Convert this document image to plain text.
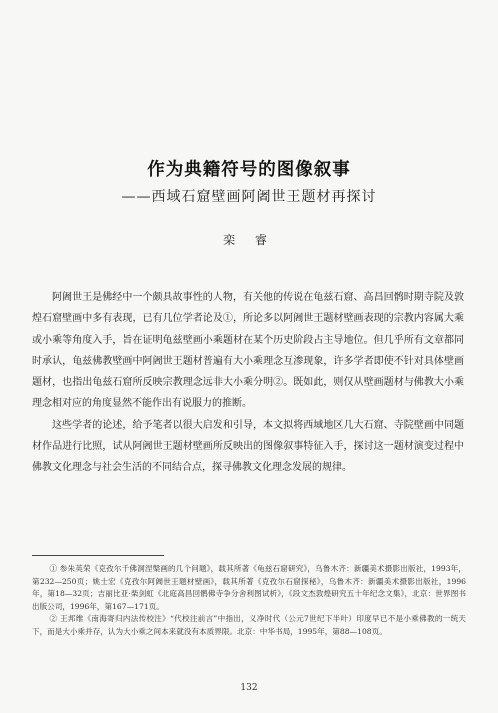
作为典籍符号的图像叙事
——西域石窟壁画阿阇世王题材再探讨
栾 睿

阿阇世王是佛经中一个颇具故事性的人物，有关他的传说在龟兹石窟、高昌回鹘时期寺院及敦煌石窟壁画中多有表现，已有几位学者论及①，所论多以阿阇世王题材壁画表现的宗教内容属大乘或小乘等角度入手，旨在证明龟兹壁画小乘题材在某个历史阶段占主导地位。但几乎所有文章都同时承认，龟兹佛教壁画中阿阇世王题材普遍有大小乘理念互渗现象，许多学者即使不针对具体壁画题材，也指出龟兹石窟所反映宗教理念远非大小乘分明②。既如此，则仅从壁画题材与佛教大小乘理念相对应的角度显然不能作出有说服力的推断。

这些学者的论述，给予笔者以很大启发和引导，本文拟将西域地区几大石窟、寺院壁画中同题材作品进行比照，试从阿阇世王题材壁画所反映出的图像叙事特征入手，探讨这一题材演变过程中佛教文化理念与社会生活的不同结合点，探寻佛教文化理念发展的规律。

① 参朱英荣《克孜尔千佛洞涅槃画的几个问题》，载其所著《龟兹石窟研究》，乌鲁木齐：新疆美术摄影出版社，1993年，第232—250页；姚士宏《克孜尔阿阇世王题材壁画》，载其所著《克孜尔石窟探秘》，乌鲁木齐：新疆美术摄影出版社，1996年，第18—32页；吉丽比亚·柴剑虹《北庭高昌回鹘佛寺争分舍利图试析》，《段文杰敦煌研究五十年纪念文集》，北京：世界图书出版公司，1996年，第167—171页。

② 王邦维《南海寄归内法传校注》“代校注前言”中指出，义净时代（公元7世纪下半叶）印度早已不是小乘佛教的一统天下，而是大小乘并存，认为大小乘之间本来就没有本质界限。北京：中华书局，1995年，第88—108页。

132
